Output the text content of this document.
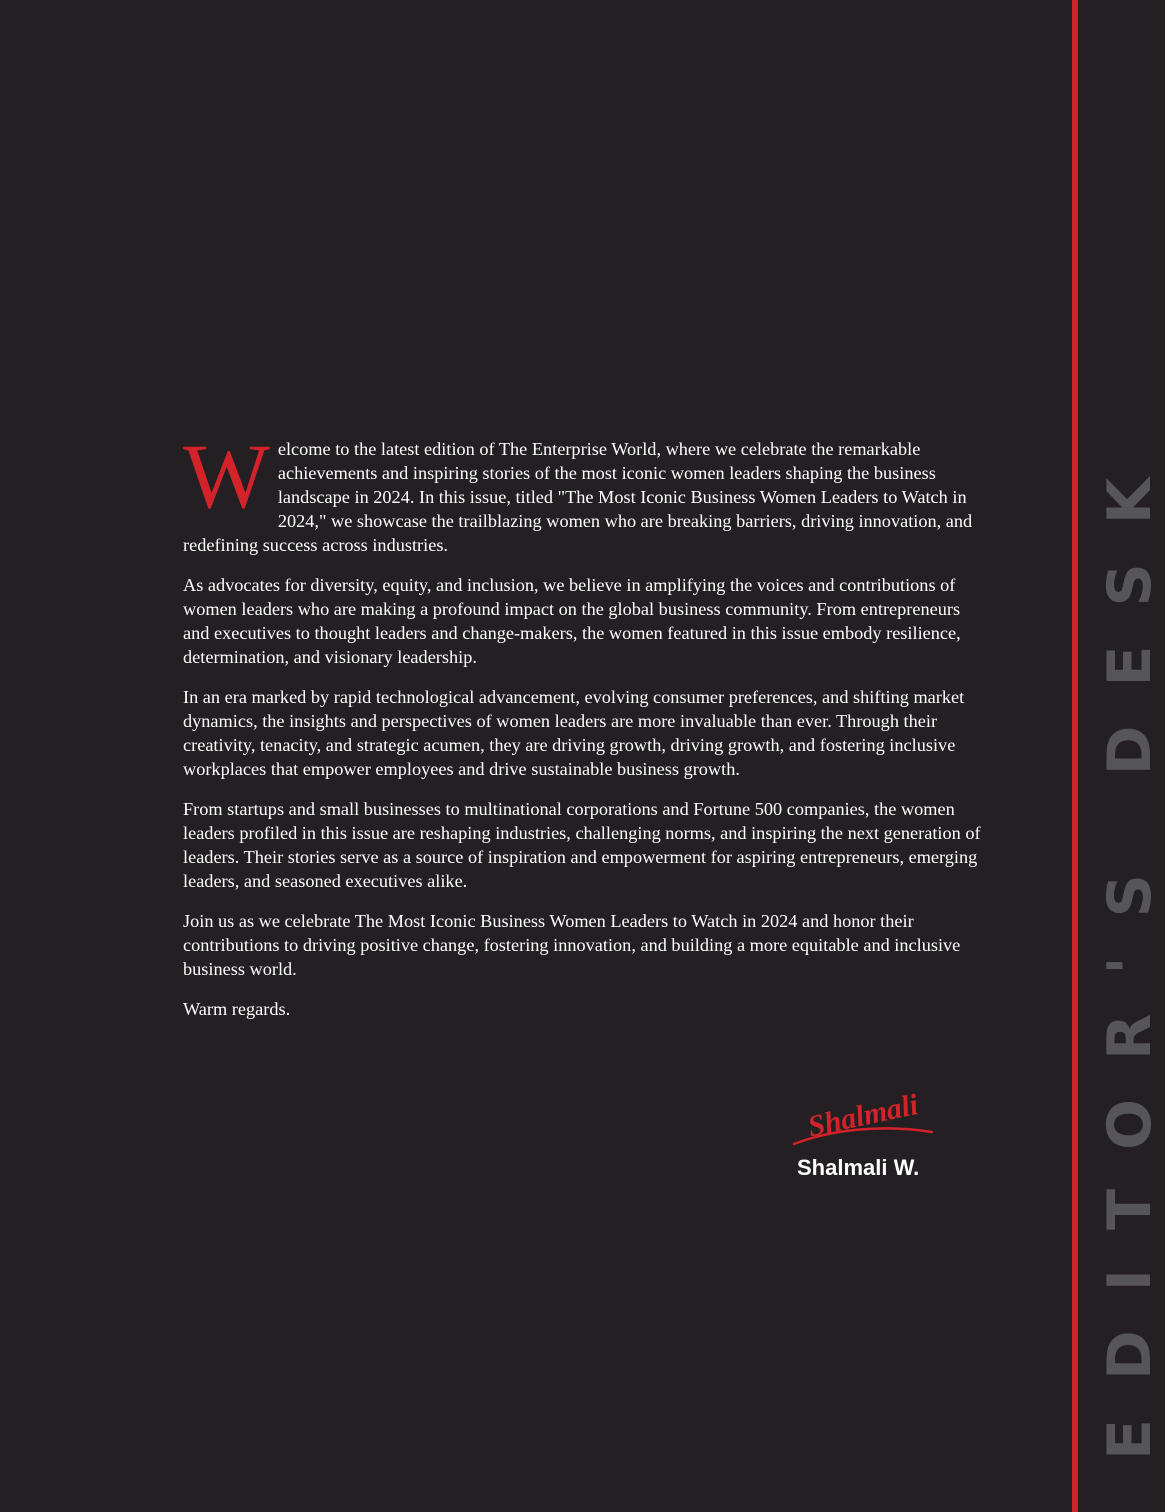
EDITOR'S DESK

Welcome to the latest edition of The Enterprise World, where we celebrate the remarkable achievements and inspiring stories of the most iconic women leaders shaping the business landscape in 2024. In this issue, titled "The Most Iconic Business Women Leaders to Watch in 2024," we showcase the trailblazing women who are breaking barriers, driving innovation, and redefining success across industries.

As advocates for diversity, equity, and inclusion, we believe in amplifying the voices and contributions of women leaders who are making a profound impact on the global business community. From entrepreneurs and executives to thought leaders and change-makers, the women featured in this issue embody resilience, determination, and visionary leadership.

In an era marked by rapid technological advancement, evolving consumer preferences, and shifting market dynamics, the insights and perspectives of women leaders are more invaluable than ever. Through their creativity, tenacity, and strategic acumen, they are driving growth, driving growth, and fostering inclusive workplaces that empower employees and drive sustainable business growth.

From startups and small businesses to multinational corporations and Fortune 500 companies, the women leaders profiled in this issue are reshaping industries, challenging norms, and inspiring the next generation of leaders. Their stories serve as a source of inspiration and empowerment for aspiring entrepreneurs, emerging leaders, and seasoned executives alike.

Join us as we celebrate The Most Iconic Business Women Leaders to Watch in 2024 and honor their contributions to driving positive change, fostering innovation, and building a more equitable and inclusive business world.

Warm regards.

Shalmali
Shalmali W.
